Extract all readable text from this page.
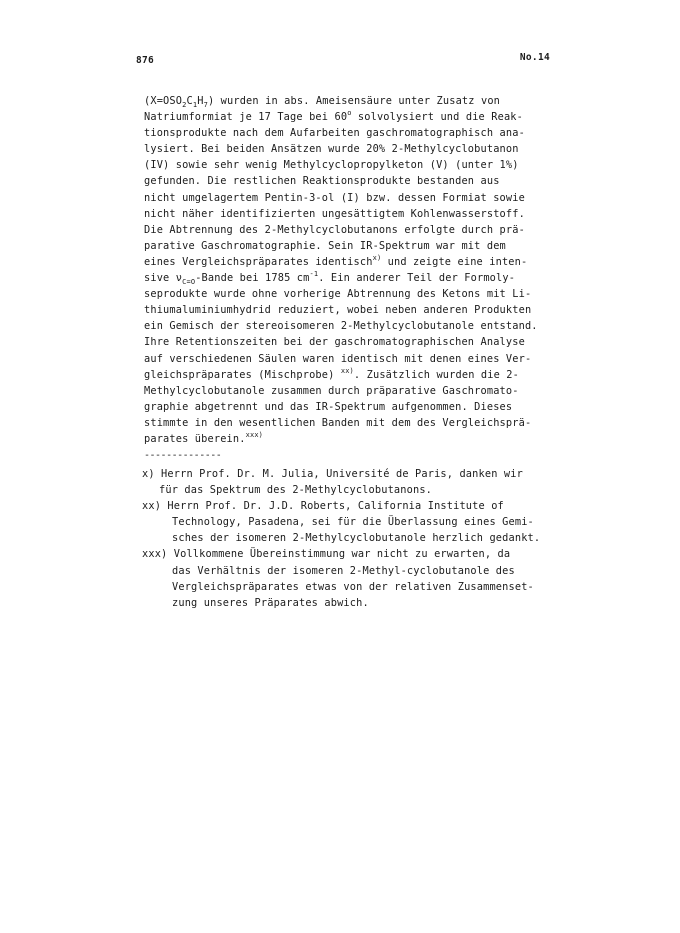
876	No.14
$(X=OSO_2C_1H_7)$ wurden in abs. Ameisensäure unter Zusatz von
Natriumformiat je 17 Tage bei 60$^o$ solvolysiert und die Reak-
tionsprodukte nach dem Aufarbeiten gaschromatographisch ana-
lysiert. Bei beiden Ansätzen wurde 20% 2-Methylcyclobutanon
(IV) sowie sehr wenig Methylcyclopropylketon (V) (unter 1%)
gefunden. Die restlichen Reaktionsprodukte bestanden aus
nicht umgelagertem Pentin-3-ol (I) bzw. dessen Formiat sowie
nicht näher identifizierten ungesättigtem Kohlenwasserstoff.
Die Abtrennung des 2-Methylcyclobutanons erfolgte durch prä-
parative Gaschromatographie. Sein IR-Spektrum war mit dem
eines Vergleichspräparates identisch$^{x)}$ und zeigte eine inten-
sive $\nu_{C=O}$-Bande bei 1785 $cm^{-1}$. Ein anderer Teil der Formoly-
seprodukte wurde ohne vorherige Abtrennung des Ketons mit Li-
thiumaluminiumhydrid reduziert, wobei neben anderen Produkten
ein Gemisch der stereoisomeren 2-Methylcyclobutanole entstand.
Ihre Retentionszeiten bei der gaschromatographischen Analyse
auf verschiedenen Säulen waren identisch mit denen eines Ver-
gleichspräparates (Mischprobe) $^{xx)}$. Zusätzlich wurden die 2-
Methylcyclobutanole zusammen durch präparative Gaschromato-
graphie abgetrennt und das IR-Spektrum aufgenommen. Dieses
stimmte in den wesentlichen Banden mit dem des Vergleichsprä-
parates überein.$^{xxx)}$
--------------
x) Herrn Prof. Dr. M. Julia, Université de Paris, danken wir
für das Spektrum des 2-Methylcyclobutanons.
xx) Herrn Prof. Dr. J.D. Roberts, California Institute of
Technology, Pasadena, sei für die Überlassung eines Gemi-
sches der isomeren 2-Methylcyclobutanole herzlich gedankt.
xxx) Vollkommene Übereinstimmung war nicht zu erwarten, da
das Verhältnis der isomeren 2-Methyl-cyclobutanole des
Vergleichspräparates etwas von der relativen Zusammenset-
zung unseres Präparates abwich.
